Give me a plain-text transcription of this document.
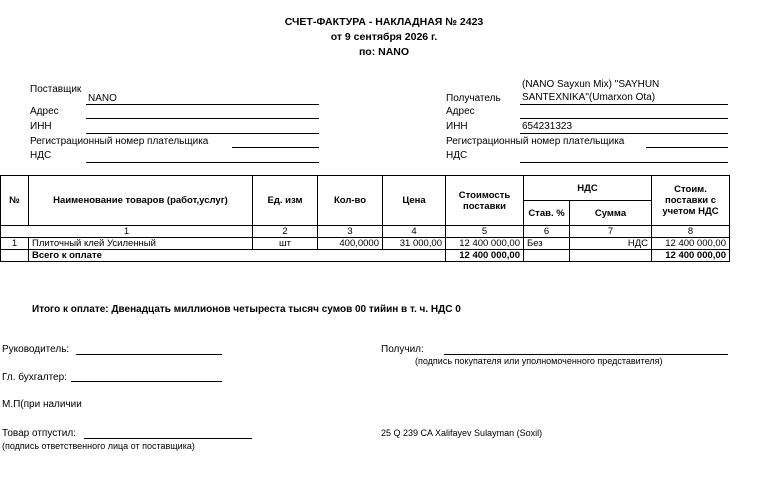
СЧЕТ-ФАКТУРА - НАКЛАДНАЯ № 2423
от 9 сентября 2026 г.
по: NANO
Поставщик
NANO
Адрес
ИНН
Регистрационный номер плательщика
НДС
(NANO Sayxun Mix) "SAYHUN
Получатель SANTEXNIKA"(Umarxon Ota)
Адрес
ИНН	654231323
Регистрационный номер плательщика
НДС
№	Наименование товаров (работ,услуг)	Ед. изм	Кол-во	Цена	Стоимость поставки	НДС		Стоим. поставки с учетом НДС
						Став. %	Сумма	
1		2	3	4	5	6	7	8
1	Плиточный клей Усиленный	шт	400,0000	31 000,00	12 400 000,00	Без	НДС	12 400 000,00
	Всего к оплате				12 400 000,00			12 400 000,00
Итого к оплате: Двенадцать миллионов четыреста тысяч сумов 00 тийин в т. ч. НДС 0
Руководитель:
Гл. бухгалтер:
М.П(при наличии
Товар отпустил:
(подпись ответственного лица от поставщика)
Получил:
(подпись покупателя или уполномоченного представителя)
25 Q 239 CA Xalifayev Sulayman (Soxil)
